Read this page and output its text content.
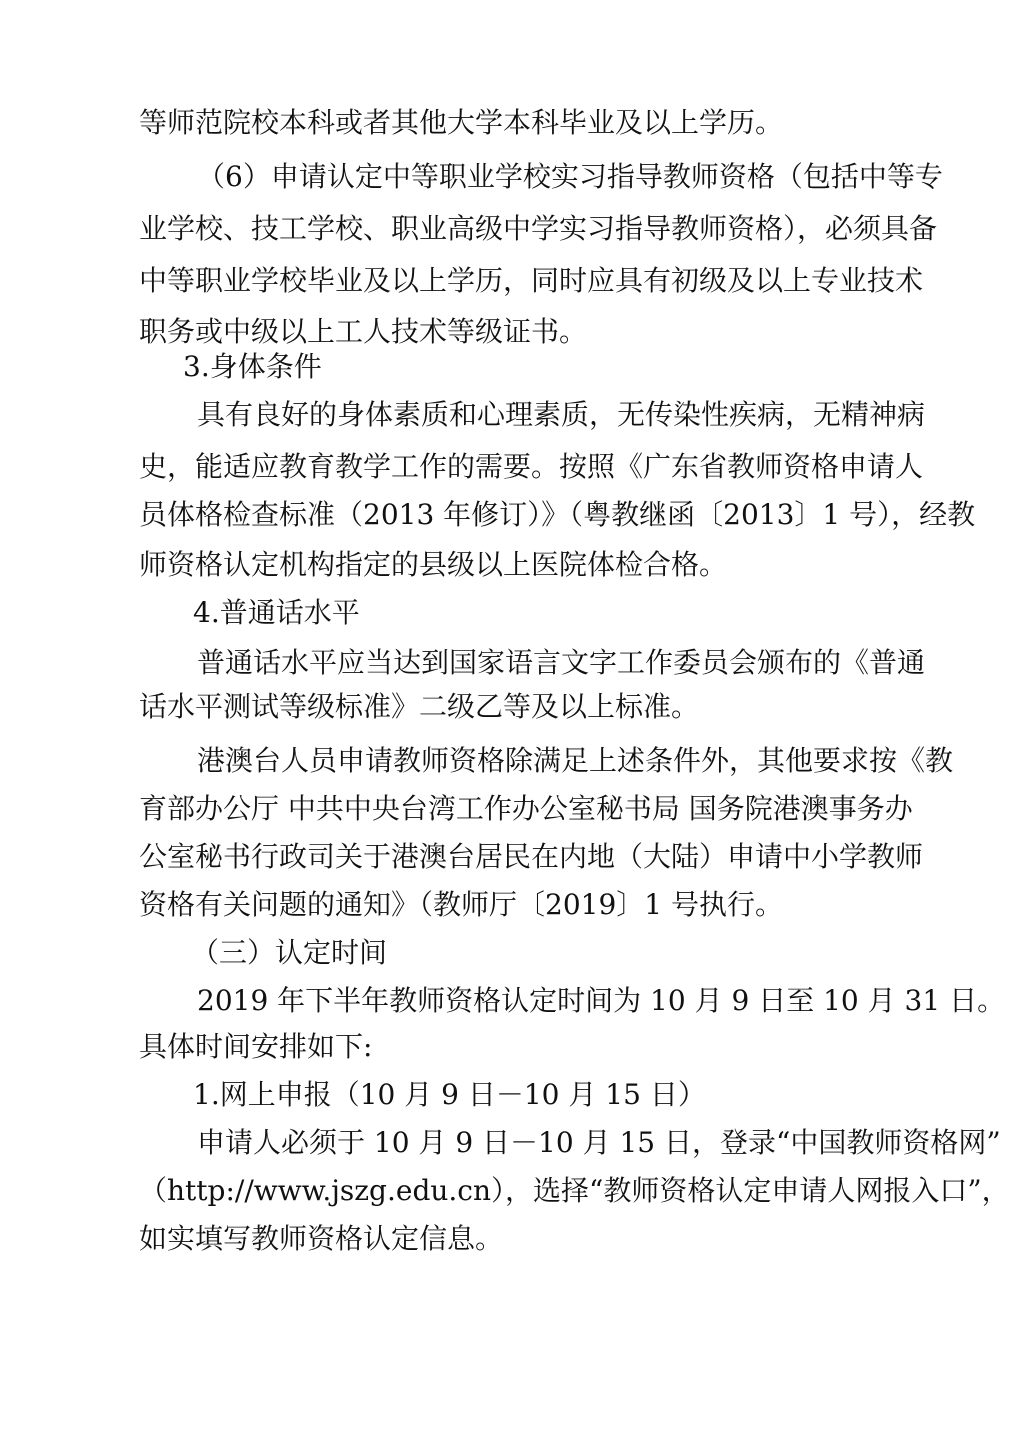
等师范院校本科或者其他大学本科毕业及以上学历。

（6）申请认定中等职业学校实习指导教师资格（包括中等专

业学校、技工学校、职业高级中学实习指导教师资格），必须具备

中等职业学校毕业及以上学历，同时应具有初级及以上专业技术

职务或中级以上工人技术等级证书。

3.身体条件

具有良好的身体素质和心理素质，无传染性疾病，无精神病

史，能适应教育教学工作的需要。按照《广东省教师资格申请人

员体格检查标准（2013 年修订）》（粤教继函〔2013〕1 号），经教

师资格认定机构指定的县级以上医院体检合格。

4.普通话水平

普通话水平应当达到国家语言文字工作委员会颁布的《普通

话水平测试等级标准》二级乙等及以上标准。

港澳台人员申请教师资格除满足上述条件外，其他要求按《教

育部办公厅 中共中央台湾工作办公室秘书局 国务院港澳事务办

公室秘书行政司关于港澳台居民在内地（大陆）申请中小学教师

资格有关问题的通知》（教师厅〔2019〕1 号执行。

（三）认定时间

2019 年下半年教师资格认定时间为 10 月 9 日至 10 月 31 日。

具体时间安排如下:

1.网上申报（10 月 9 日－10 月 15 日）

申请人必须于 10 月 9 日－10 月 15 日，登录“中国教师资格网”

（http://www.jszg.edu.cn），选择“教师资格认定申请人网报入口”，

如实填写教师资格认定信息。
